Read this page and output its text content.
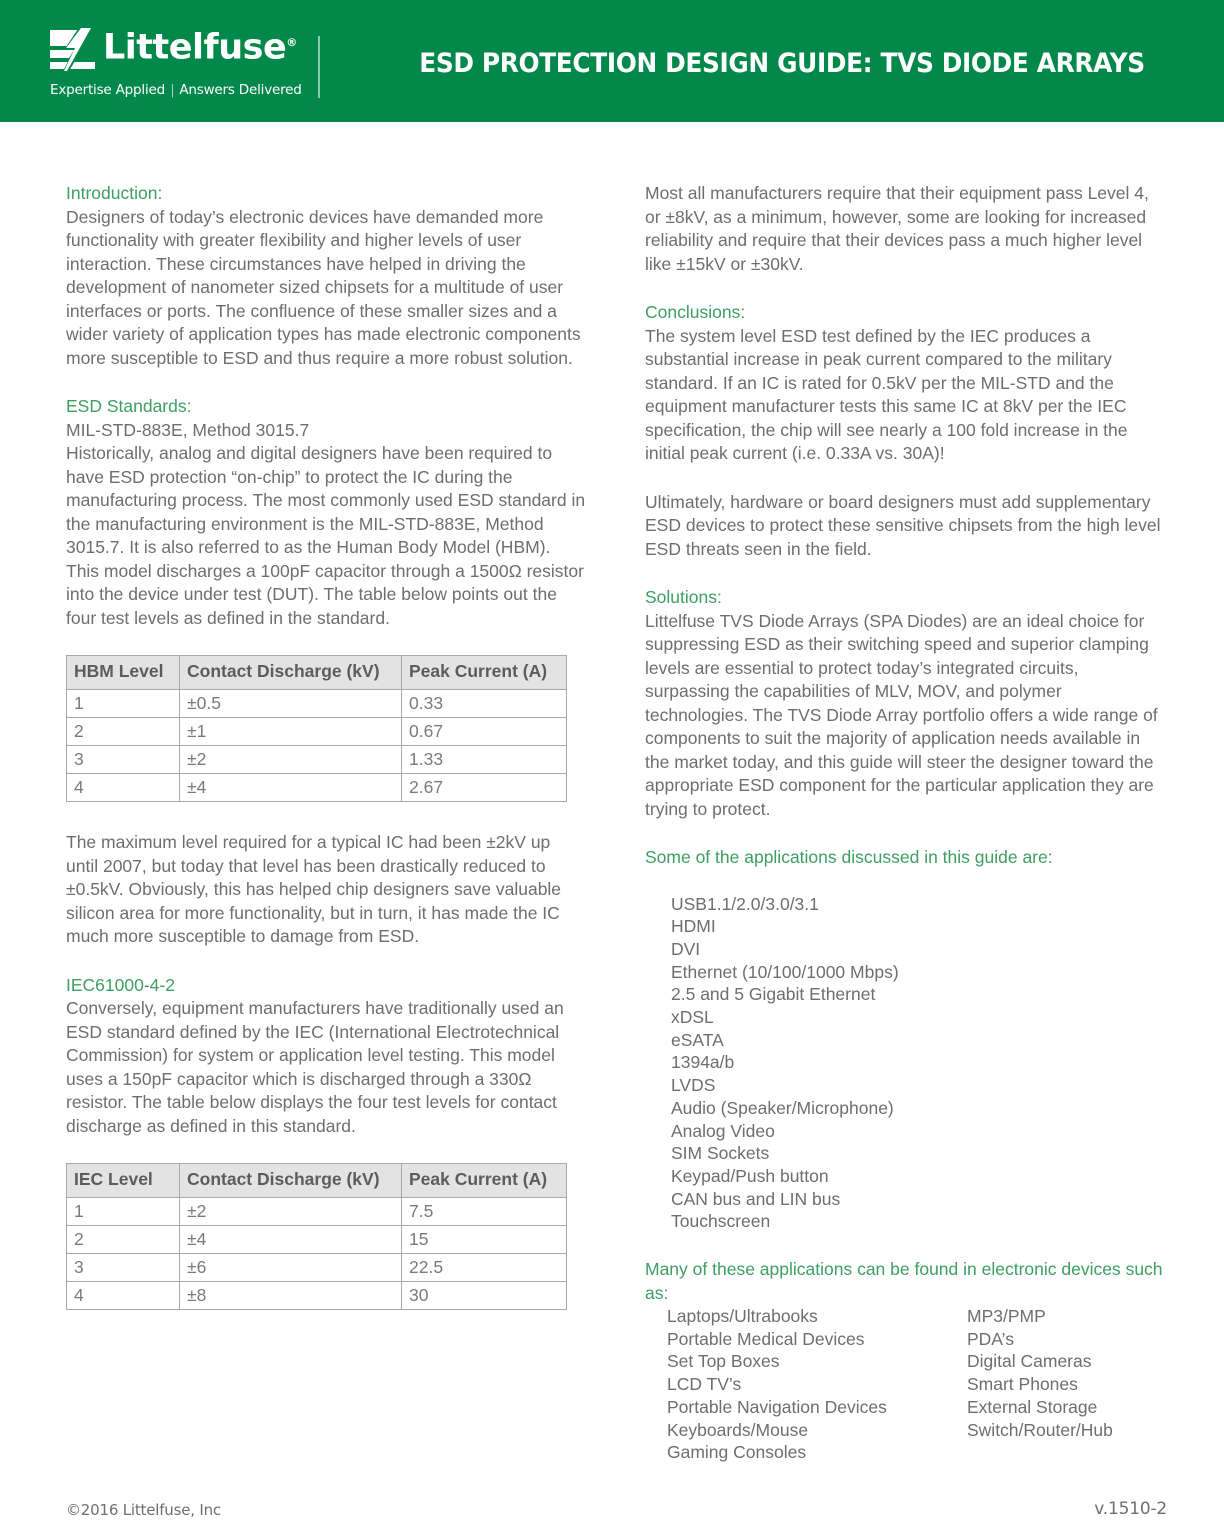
Littelfuse®
Expertise Applied | Answers Delivered
ESD PROTECTION DESIGN GUIDE: TVS DIODE ARRAYS
Introduction:

Designers of today’s electronic devices have demanded more functionality with greater flexibility and higher levels of user interaction. These circumstances have helped in driving the development of nanometer sized chipsets for a multitude of user interfaces or ports. The confluence of these smaller sizes and a wider variety of application types has made electronic components more susceptible to ESD and thus require a more robust solution.

ESD Standards:

MIL-STD-883E, Method 3015.7

Historically, analog and digital designers have been required to have ESD protection “on-chip” to protect the IC during the manufacturing process. The most commonly used ESD standard in the manufacturing environment is the MIL-STD-883E, Method 3015.7. It is also referred to as the Human Body Model (HBM). This model discharges a 100pF capacitor through a 1500Ω resistor into the device under test (DUT). The table below points out the four test levels as defined in the standard.

HBM Level	Contact Discharge (kV)	Peak Current (A)
1	±0.5	0.33
2	±1	0.67
3	±2	1.33
4	±4	2.67

The maximum level required for a typical IC had been ±2kV up until 2007, but today that level has been drastically reduced to ±0.5kV. Obviously, this has helped chip designers save valuable silicon area for more functionality, but in turn, it has made the IC much more susceptible to damage from ESD.

IEC61000-4-2

Conversely, equipment manufacturers have traditionally used an ESD standard defined by the IEC (International Electrotechnical Commission) for system or application level testing. This model uses a 150pF capacitor which is discharged through a 330Ω resistor. The table below displays the four test levels for contact discharge as defined in this standard.

IEC Level	Contact Discharge (kV)	Peak Current (A)
1	±2	7.5
2	±4	15
3	±6	22.5
4	±8	30

Most all manufacturers require that their equipment pass Level 4, or ±8kV, as a minimum, however, some are looking for increased reliability and require that their devices pass a much higher level like ±15kV or ±30kV.

Conclusions:

The system level ESD test defined by the IEC produces a substantial increase in peak current compared to the military standard. If an IC is rated for 0.5kV per the MIL-STD and the equipment manufacturer tests this same IC at 8kV per the IEC specification, the chip will see nearly a 100 fold increase in the initial peak current (i.e. 0.33A vs. 30A)!

Ultimately, hardware or board designers must add supplementary ESD devices to protect these sensitive chipsets from the high level ESD threats seen in the field.

Solutions:

Littelfuse TVS Diode Arrays (SPA Diodes) are an ideal choice for suppressing ESD as their switching speed and superior clamping levels are essential to protect today’s integrated circuits, surpassing the capabilities of MLV, MOV, and polymer technologies. The TVS Diode Array portfolio offers a wide range of components to suit the majority of application needs available in the market today, and this guide will steer the designer toward the appropriate ESD component for the particular application they are trying to protect.

Some of the applications discussed in this guide are:
USB1.1/2.0/3.0/3.1
HDMI
DVI
Ethernet (10/100/1000 Mbps)
2.5 and 5 Gigabit Ethernet
xDSL
eSATA
1394a/b
LVDS
Audio (Speaker/Microphone)
Analog Video
SIM Sockets
Keypad/Push button
CAN bus and LIN bus
Touchscreen
Many of these applications can be found in electronic devices such as:
Laptops/Ultrabooks	MP3/PMP
Portable Medical Devices	PDA’s
Set Top Boxes	Digital Cameras
LCD TV’s	Smart Phones
Portable Navigation Devices	External Storage
Keyboards/Mouse	Switch/Router/Hub
Gaming Consoles
©2016 Littelfuse, Inc	v.1510-2
